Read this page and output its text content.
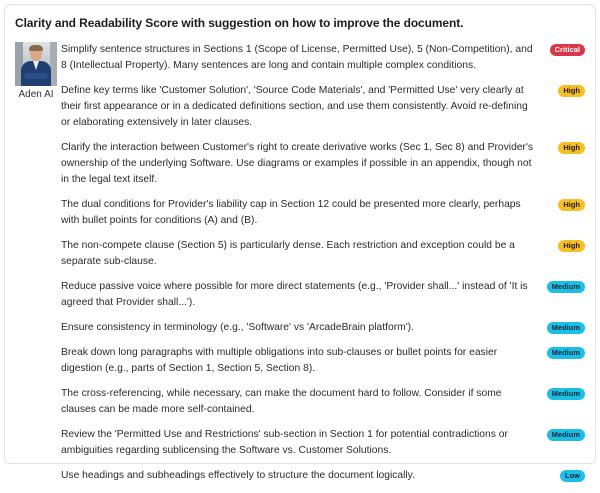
Clarity and Readability Score with suggestion on how to improve the document.
Aden AI
Simplify sentence structures in Sections 1 (Scope of License, Permitted Use), 5 (Non-Competition), and 8 (Intellectual Property). Many sentences are long and contain multiple complex conditions.
Critical
Define key terms like 'Customer Solution', 'Source Code Materials', and 'Permitted Use' very clearly at their first appearance or in a dedicated definitions section, and use them consistently. Avoid re-defining or elaborating extensively in later clauses.
High
Clarify the interaction between Customer's right to create derivative works (Sec 1, Sec 8) and Provider's ownership of the underlying Software. Use diagrams or examples if possible in an appendix, though not in the legal text itself.
High
The dual conditions for Provider's liability cap in Section 12 could be presented more clearly, perhaps with bullet points for conditions (A) and (B).
High
The non-compete clause (Section 5) is particularly dense. Each restriction and exception could be a separate sub-clause.
High
Reduce passive voice where possible for more direct statements (e.g., 'Provider shall...' instead of 'It is agreed that Provider shall...').
Medium
Ensure consistency in terminology (e.g., 'Software' vs 'ArcadeBrain platform').	Medium
Break down long paragraphs with multiple obligations into sub-clauses or bullet points for easier digestion (e.g., parts of Section 1, Section 5, Section 8).
Medium
The cross-referencing, while necessary, can make the document hard to follow. Consider if some clauses can be made more self-contained.
Medium
Review the 'Permitted Use and Restrictions' sub-section in Section 1 for potential contradictions or ambiguities regarding sublicensing the Software vs. Customer Solutions.
Medium
Use headings and subheadings effectively to structure the document logically.	Low
